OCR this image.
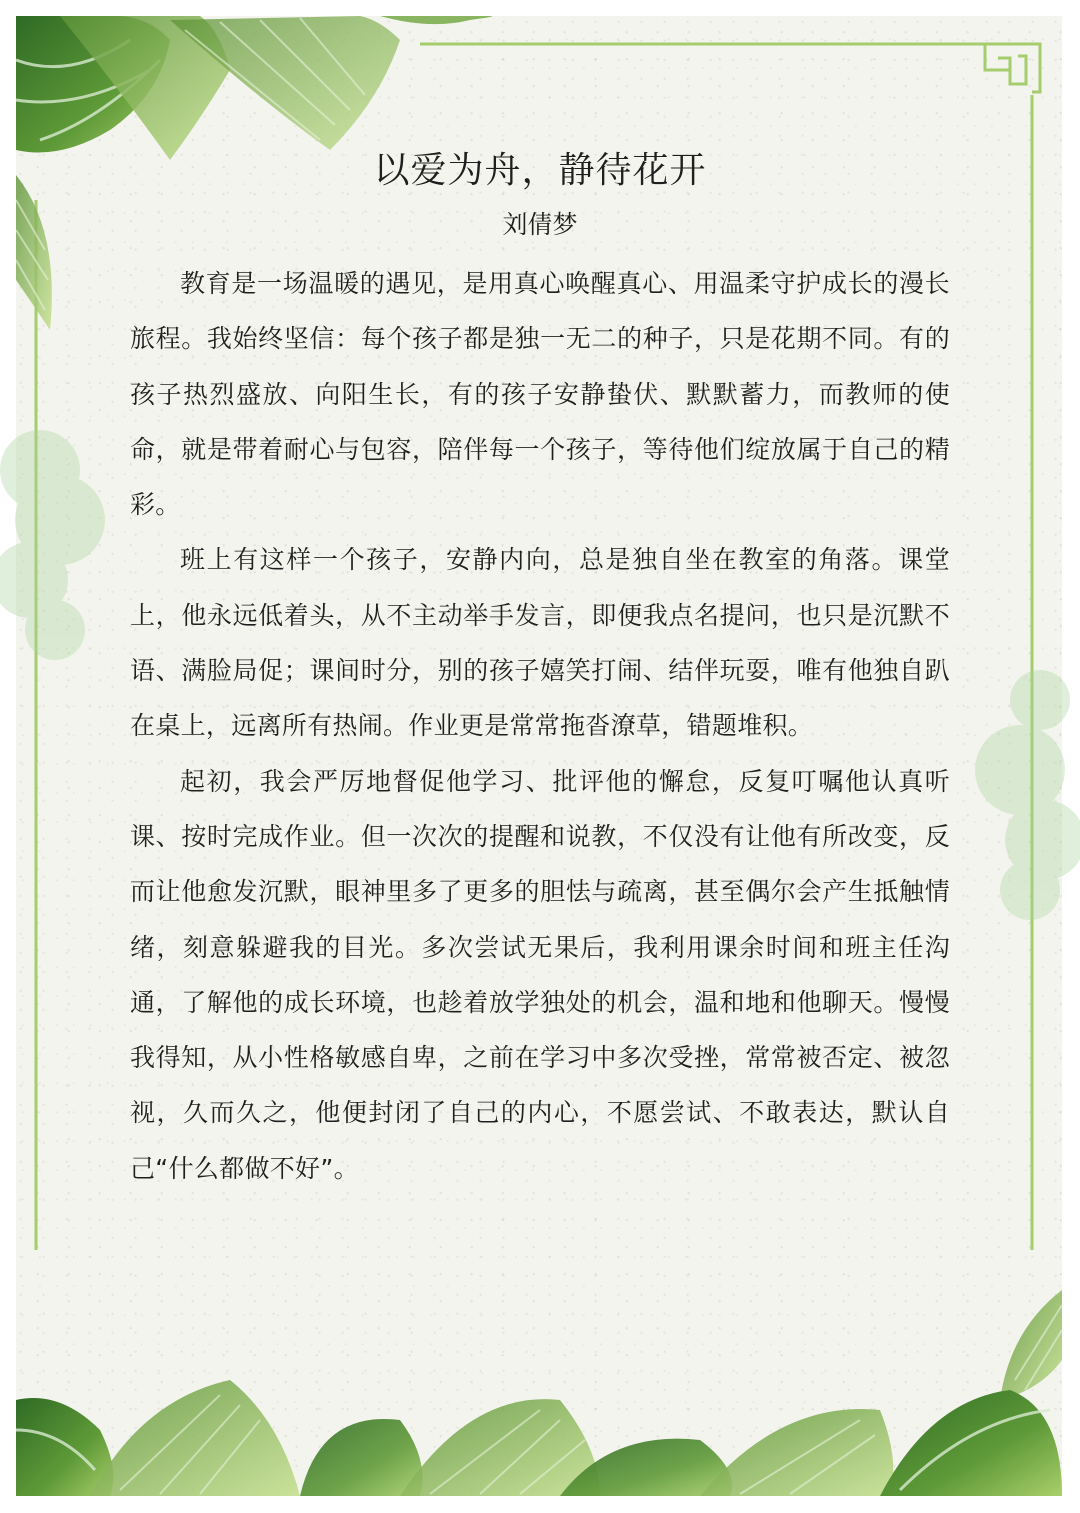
以爱为舟，静待花开

刘倩梦

教育是一场温暖的遇见，是用真心唤醒真心、用温柔守护成长的漫长旅程。我始终坚信：每个孩子都是独一无二的种子，只是花期不同。有的孩子热烈盛放、向阳生长，有的孩子安静蛰伏、默默蓄力，而教师的使命，就是带着耐心与包容，陪伴每一个孩子，等待他们绽放属于自己的精彩。

班上有这样一个孩子，安静内向，总是独自坐在教室的角落。课堂上，他永远低着头，从不主动举手发言，即便我点名提问，也只是沉默不语、满脸局促；课间时分，别的孩子嬉笑打闹、结伴玩耍，唯有他独自趴在桌上，远离所有热闹。作业更是常常拖沓潦草，错题堆积。

起初，我会严厉地督促他学习、批评他的懈怠，反复叮嘱他认真听课、按时完成作业。但一次次的提醒和说教，不仅没有让他有所改变，反而让他愈发沉默，眼神里多了更多的胆怯与疏离，甚至偶尔会产生抵触情绪，刻意躲避我的目光。多次尝试无果后，我利用课余时间和班主任沟通，了解他的成长环境，也趁着放学独处的机会，温和地和他聊天。慢慢我得知，从小性格敏感自卑，之前在学习中多次受挫，常常被否定、被忽视，久而久之，他便封闭了自己的内心，不愿尝试、不敢表达，默认自己“什么都做不好”。
